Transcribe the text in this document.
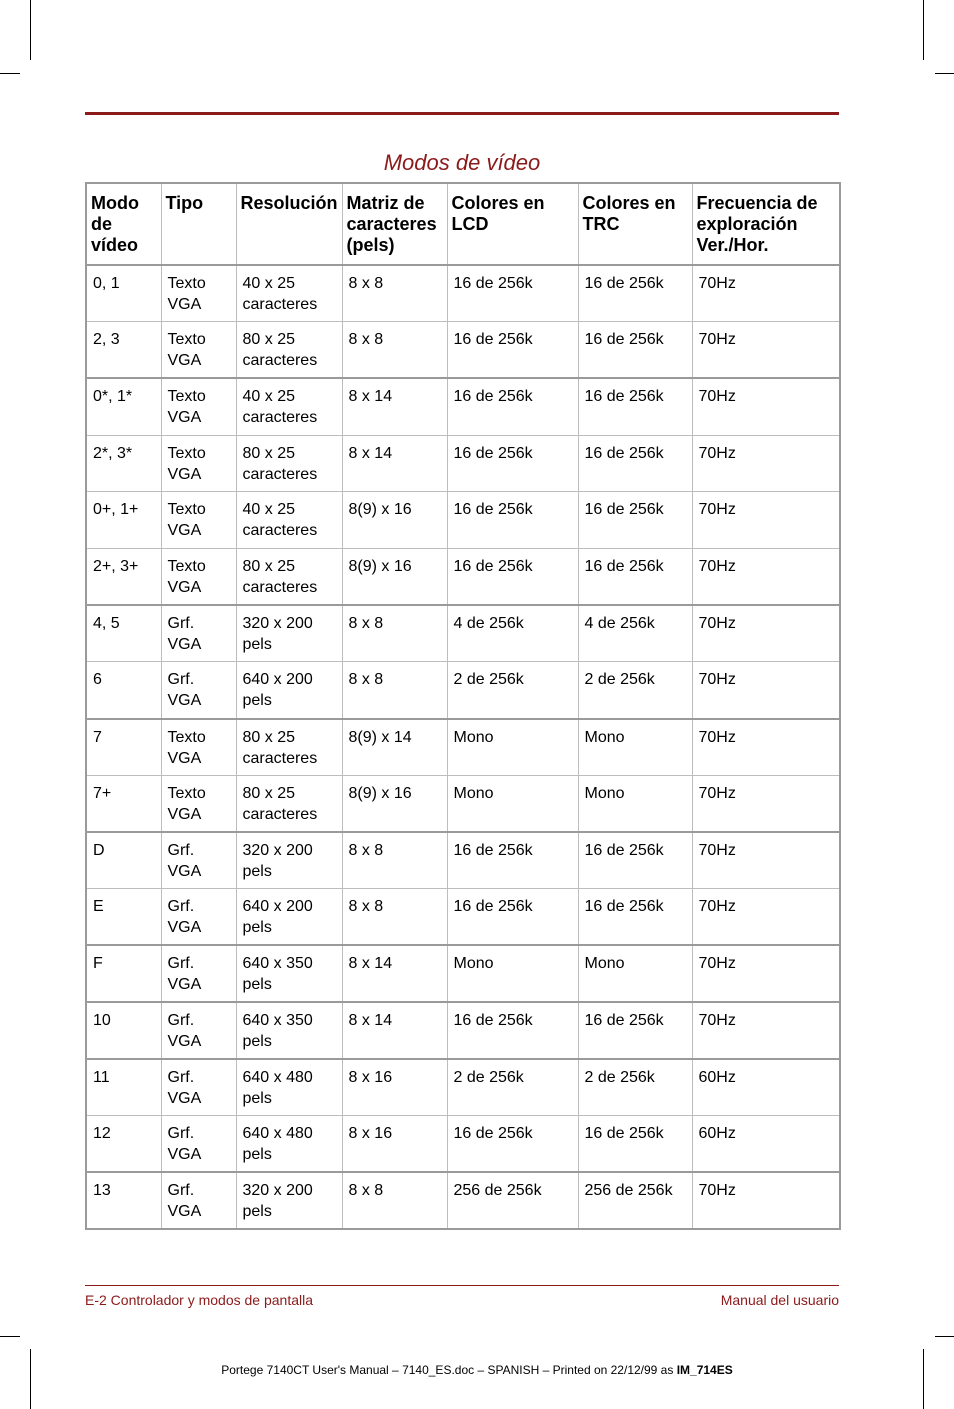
Modos de vídeo
Modo de vídeo	Tipo	Resolución	Matriz de caracteres (pels)	Colores en LCD	Colores en TRC	Frecuencia de exploración Ver./Hor.
0, 1	Texto VGA	40 x 25 caracteres	8 x 8	16 de 256k	16 de 256k	70Hz
2, 3	Texto VGA	80 x 25 caracteres	8 x 8	16 de 256k	16 de 256k	70Hz
0*, 1*	Texto VGA	40 x 25 caracteres	8 x 14	16 de 256k	16 de 256k	70Hz
2*, 3*	Texto VGA	80 x 25 caracteres	8 x 14	16 de 256k	16 de 256k	70Hz
0+, 1+	Texto VGA	40 x 25 caracteres	8(9) x 16	16 de 256k	16 de 256k	70Hz
2+, 3+	Texto VGA	80 x 25 caracteres	8(9) x 16	16 de 256k	16 de 256k	70Hz
4, 5	Grf. VGA	320 x 200 pels	8 x 8	4 de 256k	4 de 256k	70Hz
6	Grf. VGA	640 x 200 pels	8 x 8	2 de 256k	2 de 256k	70Hz
7	Texto VGA	80 x 25 caracteres	8(9) x 14	Mono	Mono	70Hz
7+	Texto VGA	80 x 25 caracteres	8(9) x 16	Mono	Mono	70Hz
D	Grf. VGA	320 x 200 pels	8 x 8	16 de 256k	16 de 256k	70Hz
E	Grf. VGA	640 x 200 pels	8 x 8	16 de 256k	16 de 256k	70Hz
F	Grf. VGA	640 x 350 pels	8 x 14	Mono	Mono	70Hz
10	Grf. VGA	640 x 350 pels	8 x 14	16 de 256k	16 de 256k	70Hz
11	Grf. VGA	640 x 480 pels	8 x 16	2 de 256k	2 de 256k	60Hz
12	Grf. VGA	640 x 480 pels	8 x 16	16 de 256k	16 de 256k	60Hz
13	Grf. VGA	320 x 200 pels	8 x 8	256 de 256k	256 de 256k	70Hz
E-2 Controlador y modos de pantalla	Manual del usuario
Portege 7140CT User's Manual – 7140_ES.doc – SPANISH – Printed on 22/12/99 as IM_714ES
